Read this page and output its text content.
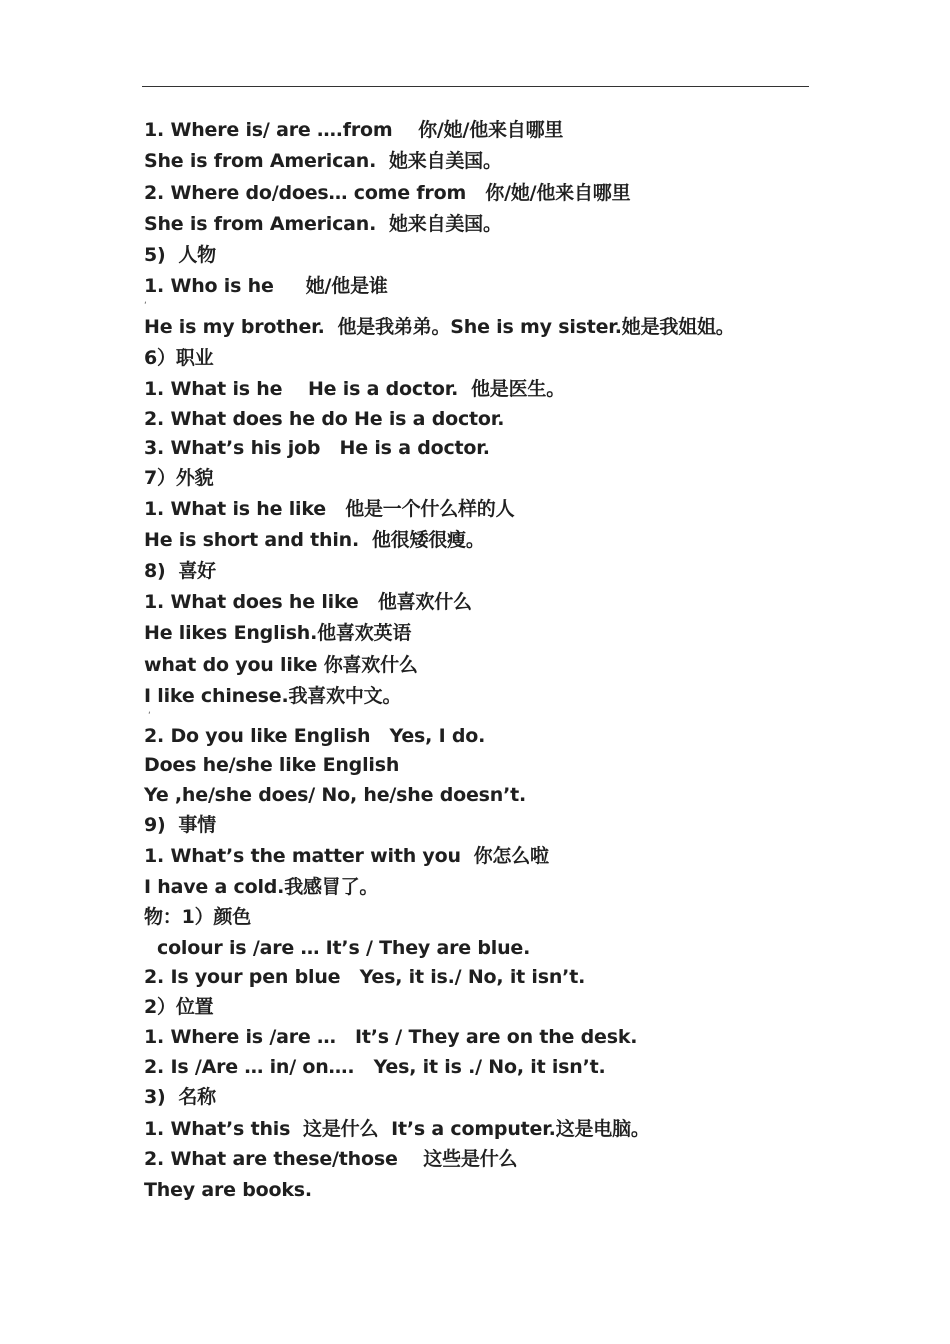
1. Where is/ are ….from    你/她/他来自哪里
She is from American.  她来自美国。
2. Where do/does… come from   你/她/他来自哪里
She is from American.  她来自美国。
5)  人物
1. Who is he     她/他是谁
‘
He is my brother.  他是我弟弟。She is my sister.她是我姐姐。
6）职业
1. What is he    He is a doctor.  他是医生。
2. What does he do He is a doctor.
3. What’s his job   He is a doctor.
7）外貌
1. What is he like   他是一个什么样的人
He is short and thin.  他很矮很瘦。
8)  喜好
1. What does he like   他喜欢什么
He likes English.他喜欢英语
what do you like 你喜欢什么
I like chinese.我喜欢中文。
‘
2. Do you like English   Yes, I do.
Does he/she like English
Ye ,he/she does/ No, he/she doesn’t.
9)  事情
1. What’s the matter with you  你怎么啦
I have a cold.我感冒了。
物：1）颜色
colour is /are … It’s / They are blue.
2. Is your pen blue   Yes, it is./ No, it isn’t.
2）位置
1. Where is /are …   It’s / They are on the desk.
2. Is /Are … in/ on….   Yes, it is ./ No, it isn’t.
3)  名称
1. What’s this  这是什么  It’s a computer.这是电脑。
2. What are these/those    这些是什么
They are books.
